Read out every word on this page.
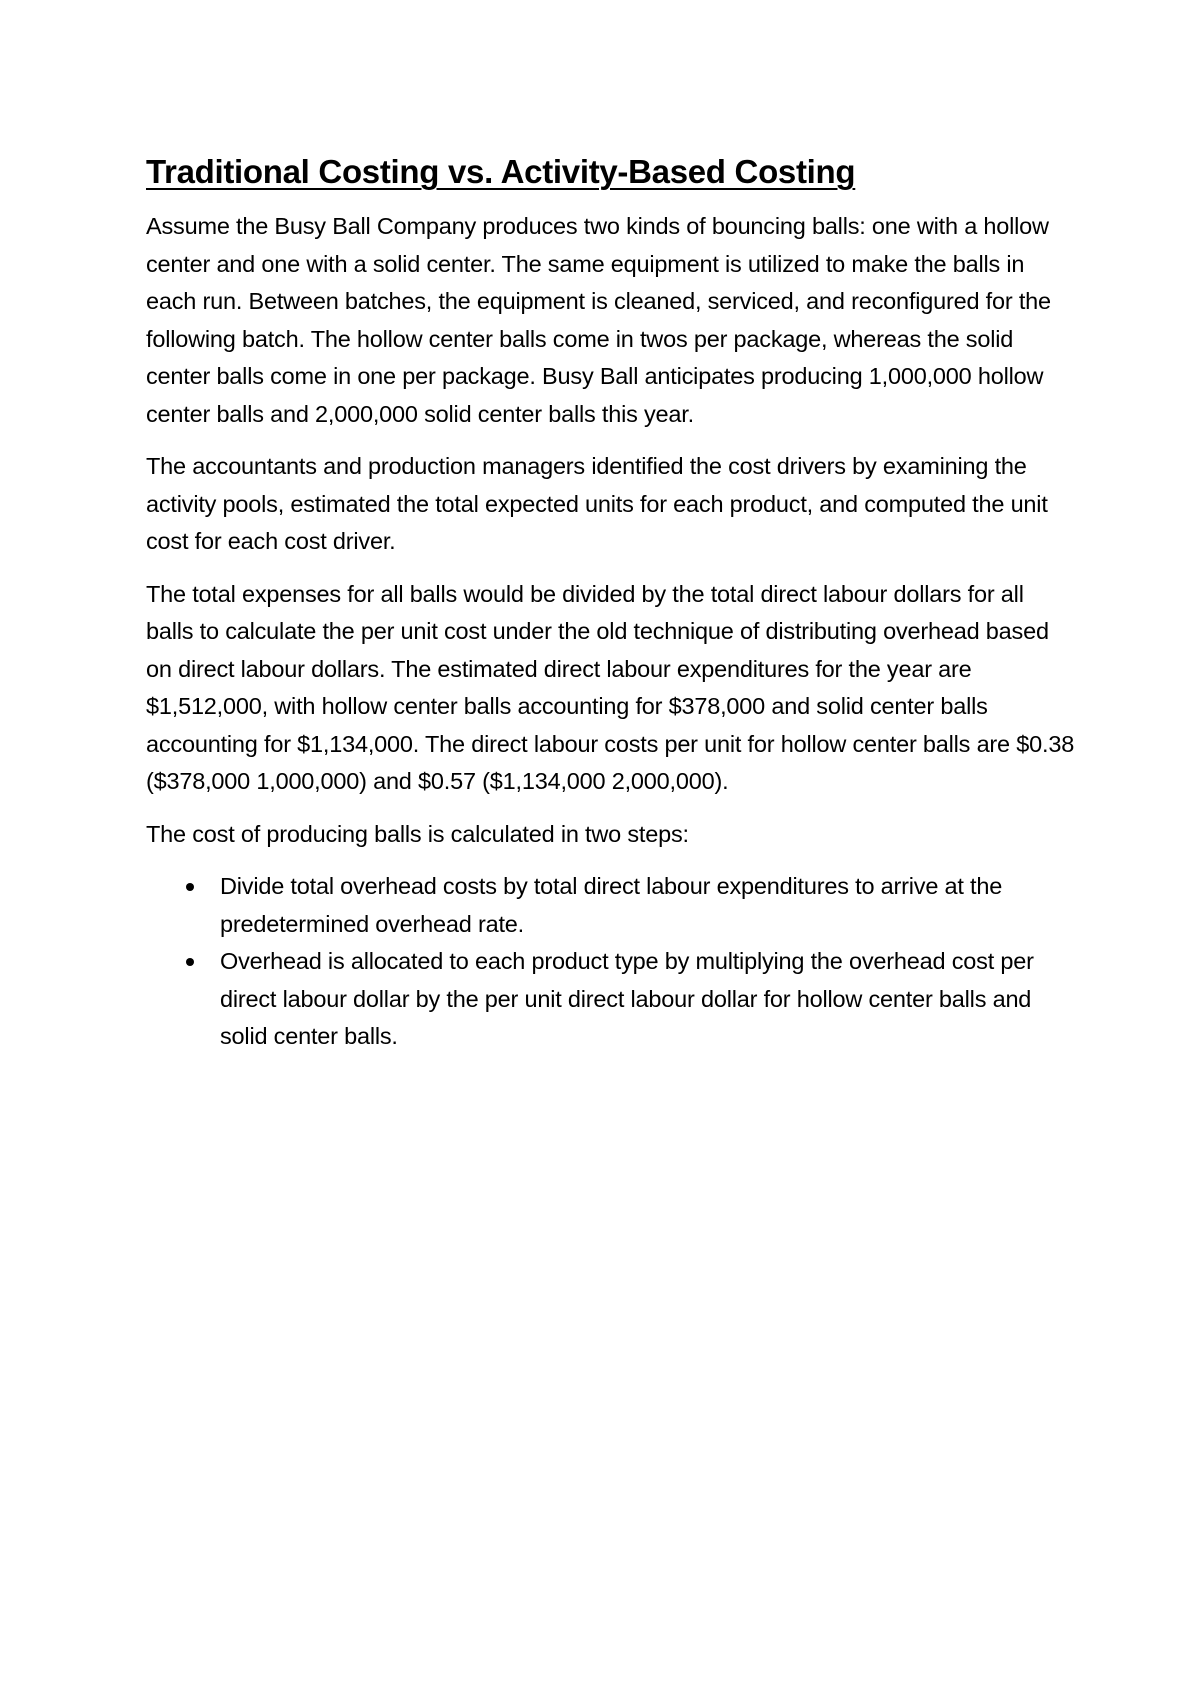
Traditional Costing vs. Activity-Based Costing

Assume the Busy Ball Company produces two kinds of bouncing balls: one with a hollow center and one with a solid center. The same equipment is utilized to make the balls in each run. Between batches, the equipment is cleaned, serviced, and reconfigured for the following batch. The hollow center balls come in twos per package, whereas the solid center balls come in one per package. Busy Ball anticipates producing 1,000,000 hollow center balls and 2,000,000 solid center balls this year.

The accountants and production managers identified the cost drivers by examining the activity pools, estimated the total expected units for each product, and computed the unit cost for each cost driver.

The total expenses for all balls would be divided by the total direct labour dollars for all balls to calculate the per unit cost under the old technique of distributing overhead based on direct labour dollars. The estimated direct labour expenditures for the year are $1,512,000, with hollow center balls accounting for $378,000 and solid center balls accounting for $1,134,000. The direct labour costs per unit for hollow center balls are $0.38 ($378,000 1,000,000) and $0.57 ($1,134,000 2,000,000).

The cost of producing balls is calculated in two steps:

Divide total overhead costs by total direct labour expenditures to arrive at the predetermined overhead rate.
Overhead is allocated to each product type by multiplying the overhead cost per direct labour dollar by the per unit direct labour dollar for hollow center balls and solid center balls.
